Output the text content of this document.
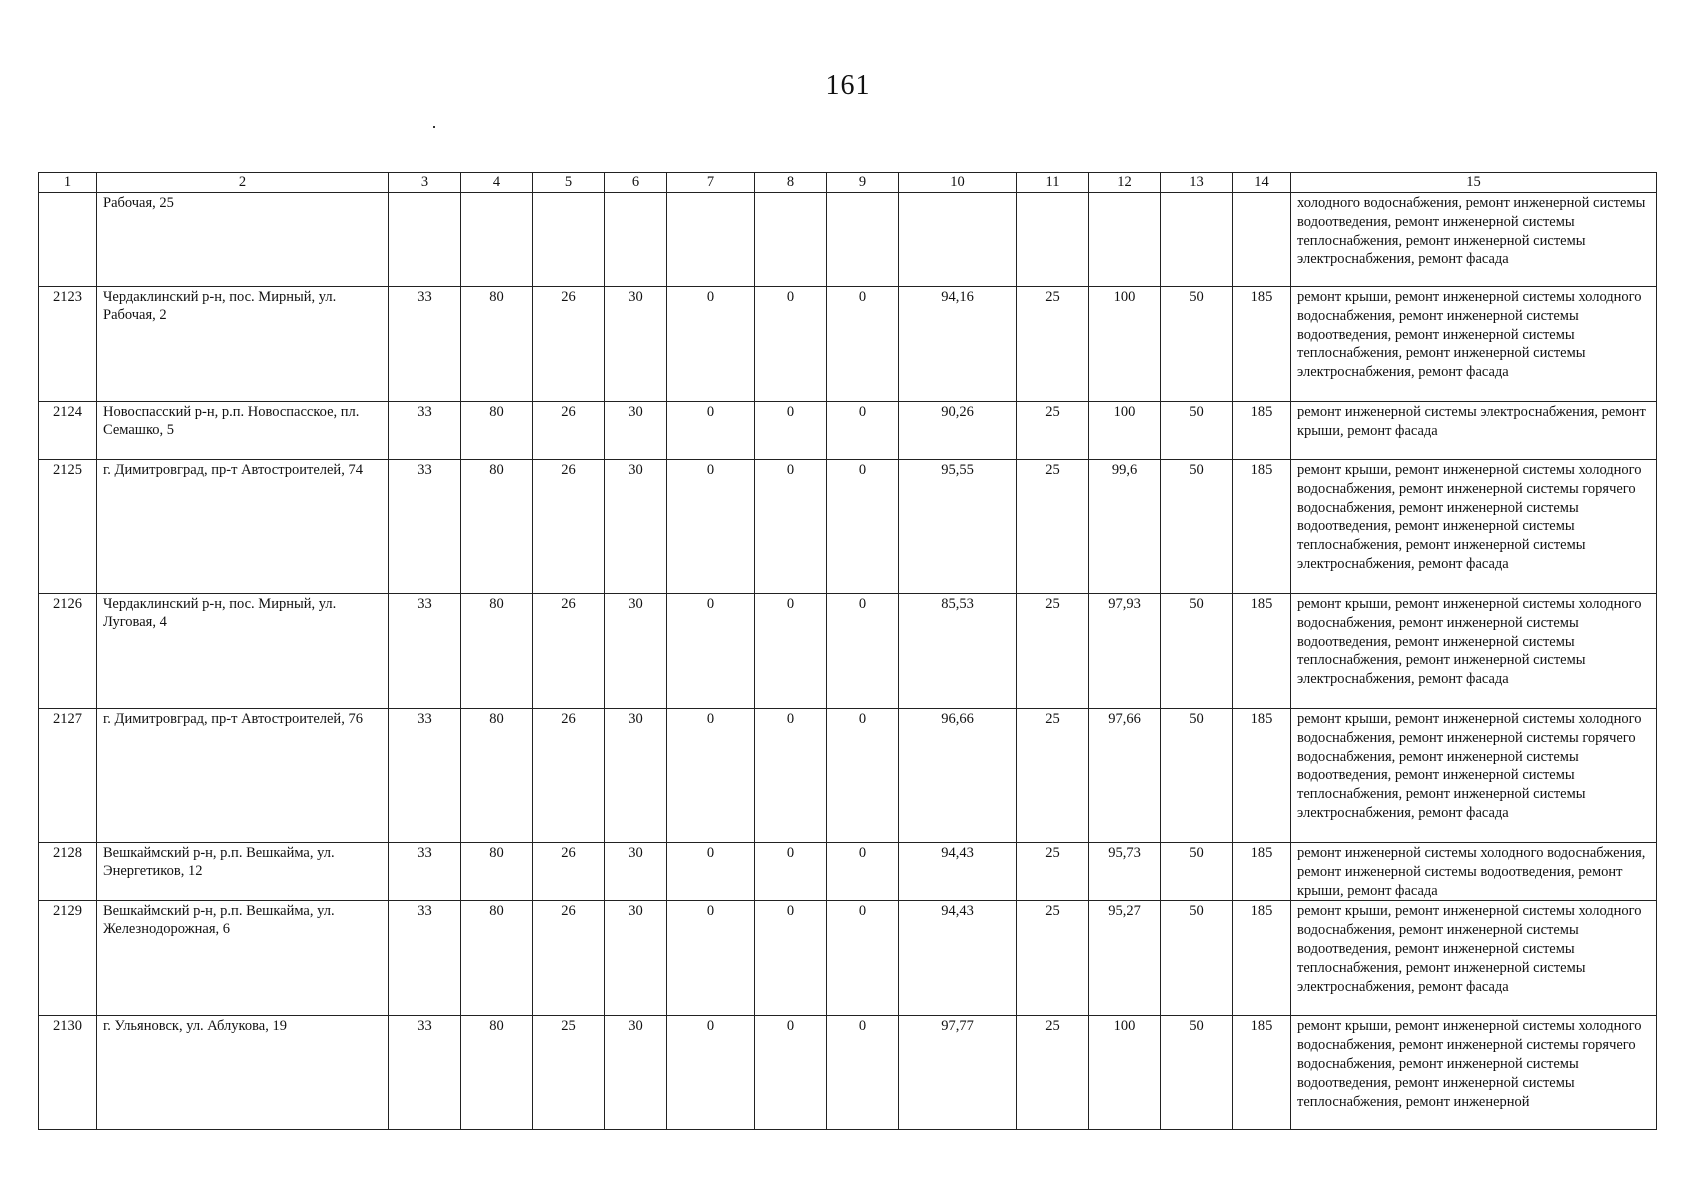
161
1	2	3	4	5	6	7	8	9	10	11	12	13	14	15
	Рабочая, 25													холодного водоснабжения, ремонт инженерной системы водоотведения, ремонт инженерной системы теплоснабжения, ремонт инженерной системы электроснабжения, ремонт фасада
2123	Чердаклинский р-н, пос. Мирный, ул. Рабочая, 2	33	80	26	30	0	0	0	94,16	25	100	50	185	ремонт крыши, ремонт инженерной системы холодного водоснабжения, ремонт инженерной системы водоотведения, ремонт инженерной системы теплоснабжения, ремонт инженерной системы электроснабжения, ремонт фасада
2124	Новоспасский р-н, р.п. Новоспасское, пл. Семашко, 5	33	80	26	30	0	0	0	90,26	25	100	50	185	ремонт инженерной системы электроснабжения, ремонт крыши, ремонт фасада
2125	г. Димитровград, пр-т Автостроителей, 74	33	80	26	30	0	0	0	95,55	25	99,6	50	185	ремонт крыши, ремонт инженерной системы холодного водоснабжения, ремонт инженерной системы горячего водоснабжения, ремонт инженерной системы водоотведения, ремонт инженерной системы теплоснабжения, ремонт инженерной системы электроснабжения, ремонт фасада
2126	Чердаклинский р-н, пос. Мирный, ул. Луговая, 4	33	80	26	30	0	0	0	85,53	25	97,93	50	185	ремонт крыши, ремонт инженерной системы холодного водоснабжения, ремонт инженерной системы водоотведения, ремонт инженерной системы теплоснабжения, ремонт инженерной системы электроснабжения, ремонт фасада
2127	г. Димитровград, пр-т Автостроителей, 76	33	80	26	30	0	0	0	96,66	25	97,66	50	185	ремонт крыши, ремонт инженерной системы холодного водоснабжения, ремонт инженерной системы горячего водоснабжения, ремонт инженерной системы водоотведения, ремонт инженерной системы теплоснабжения, ремонт инженерной системы электроснабжения, ремонт фасада
2128	Вешкаймский р-н, р.п. Вешкайма, ул. Энергетиков, 12	33	80	26	30	0	0	0	94,43	25	95,73	50	185	ремонт инженерной системы холодного водоснабжения, ремонт инженерной системы водоотведения, ремонт крыши, ремонт фасада
2129	Вешкаймский р-н, р.п. Вешкайма, ул. Железнодорожная, 6	33	80	26	30	0	0	0	94,43	25	95,27	50	185	ремонт крыши, ремонт инженерной системы холодного водоснабжения, ремонт инженерной системы водоотведения, ремонт инженерной системы теплоснабжения, ремонт инженерной системы электроснабжения, ремонт фасада
2130	г. Ульяновск, ул. Аблукова, 19	33	80	25	30	0	0	0	97,77	25	100	50	185	ремонт крыши, ремонт инженерной системы холодного водоснабжения, ремонт инженерной системы горячего водоснабжения, ремонт инженерной системы водоотведения, ремонт инженерной системы теплоснабжения, ремонт инженерной
